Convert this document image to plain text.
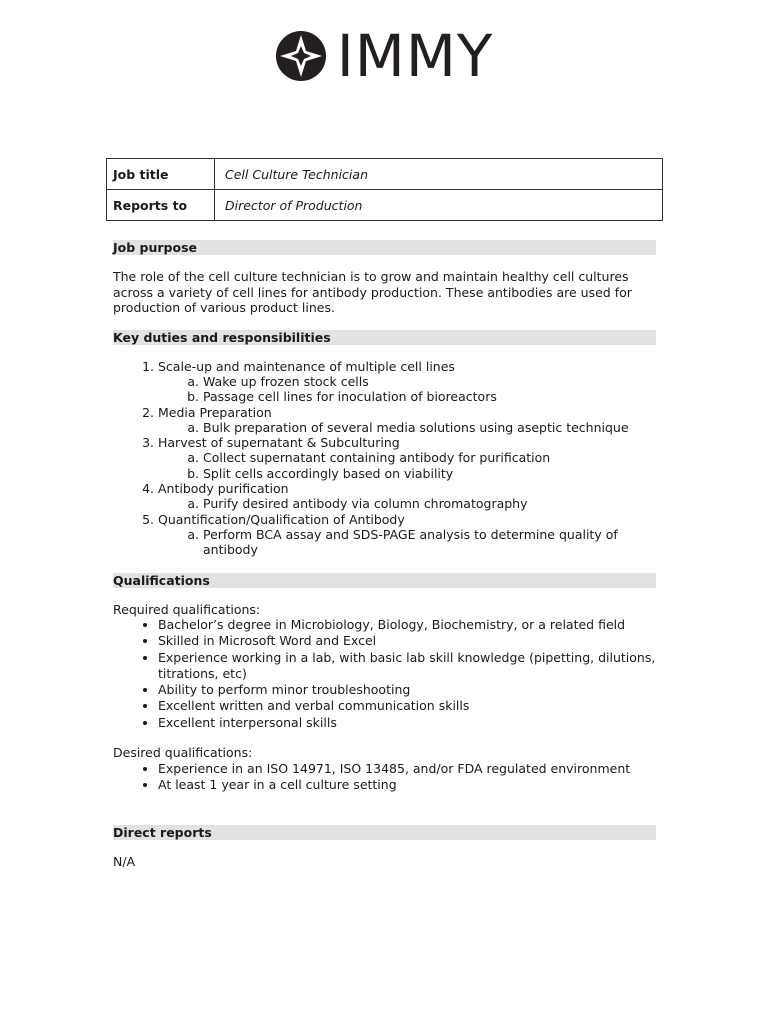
IMMY
Job title	Cell Culture Technician
Reports to	Director of Production
Job purpose

The role of the cell culture technician is to grow and maintain healthy cell cultures across a variety of cell lines for antibody production. These antibodies are used for production of various product lines.

Key duties and responsibilities
1. Scale-up and maintenance of multiple cell lines
a. Wake up frozen stock cells
b. Passage cell lines for inoculation of bioreactors
2. Media Preparation
a. Bulk preparation of several media solutions using aseptic technique
3. Harvest of supernatant & Subculturing
a. Collect supernatant containing antibody for purification
b. Split cells accordingly based on viability
4. Antibody purification
a. Purify desired antibody via column chromatography
5. Quantification/Qualification of Antibody
a. Perform BCA assay and SDS-PAGE analysis to determine quality of antibody
Qualifications

Required qualifications:

• Bachelor’s degree in Microbiology, Biology, Biochemistry, or a related field
• Skilled in Microsoft Word and Excel
• Experience working in a lab, with basic lab skill knowledge (pipetting, dilutions, titrations, etc)
• Ability to perform minor troubleshooting
• Excellent written and verbal communication skills
• Excellent interpersonal skills

Desired qualifications:

• Experience in an ISO 14971, ISO 13485, and/or FDA regulated environment
• At least 1 year in a cell culture setting
Direct reports

N/A
